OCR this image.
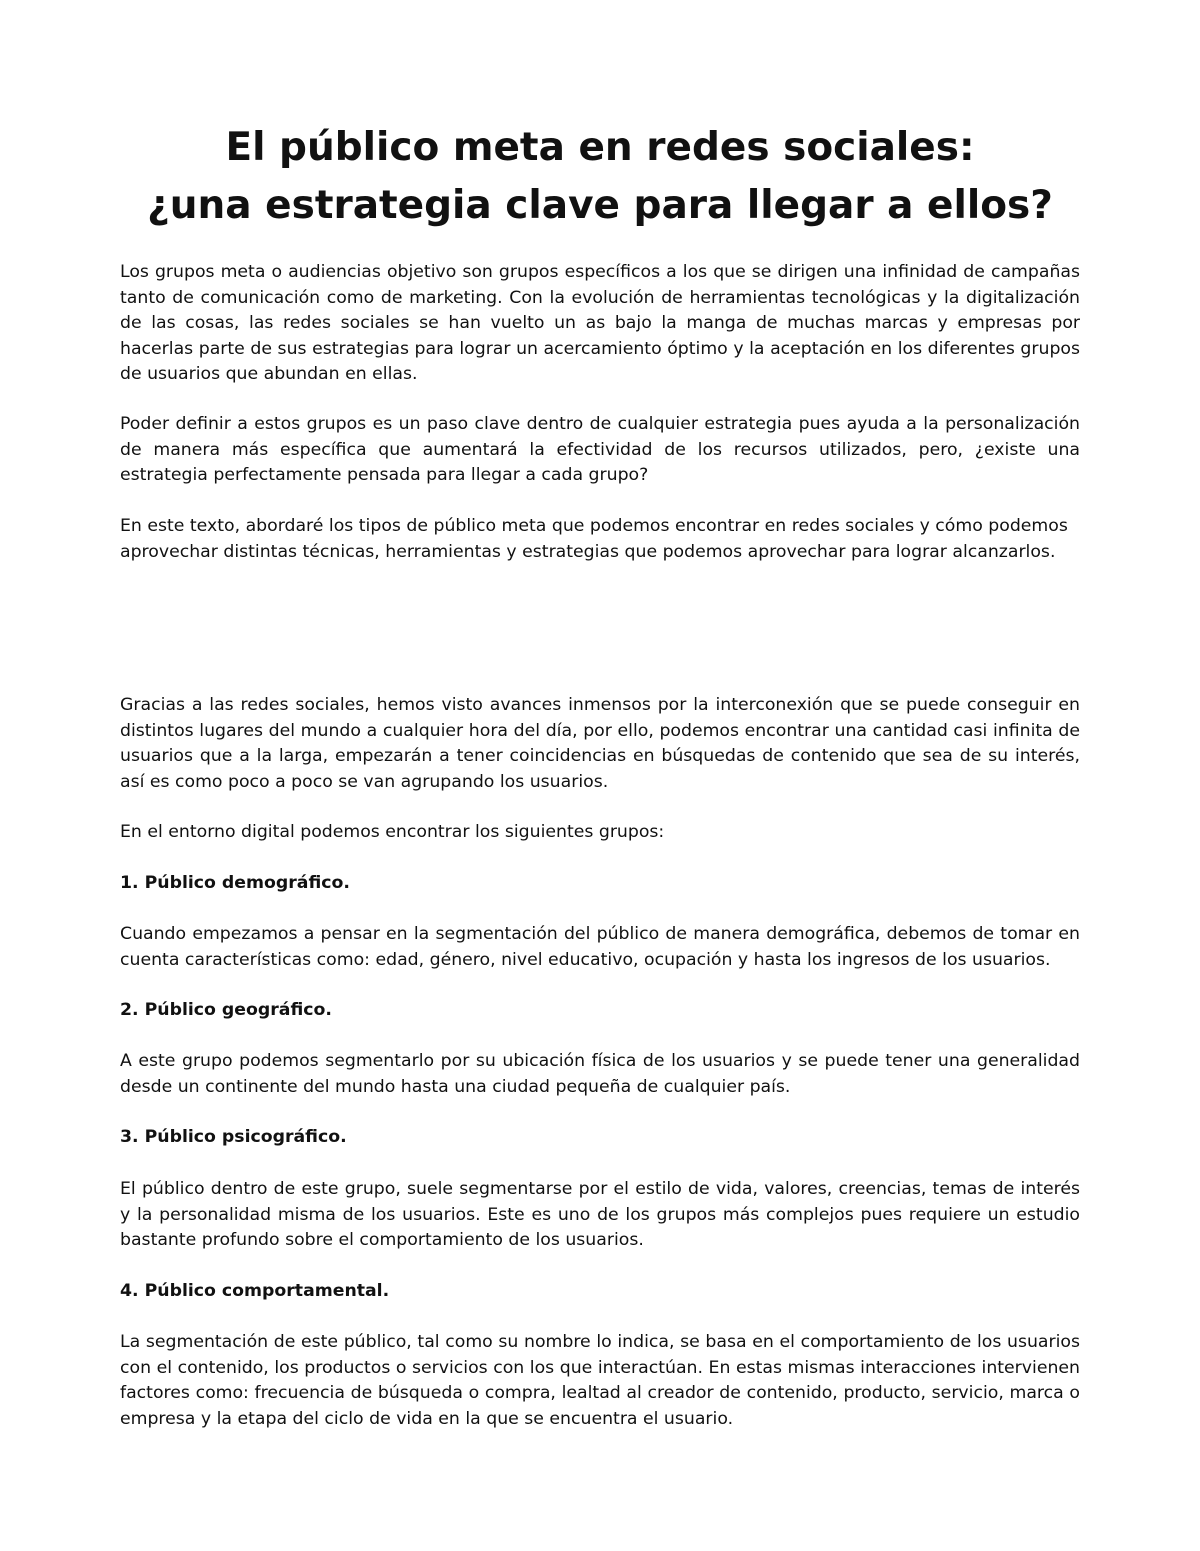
El público meta en redes sociales:
¿una estrategia clave para llegar a ellos?

Los grupos meta o audiencias objetivo son grupos específicos a los que se dirigen una infinidad de campañas tanto de comunicación como de marketing. Con la evolución de herramientas tecnológicas y la digitalización de las cosas, las redes sociales se han vuelto un as bajo la manga de muchas marcas y empresas por hacerlas parte de sus estrategias para lograr un acercamiento óptimo y la aceptación en los diferentes grupos de usuarios que abundan en ellas.

Poder definir a estos grupos es un paso clave dentro de cualquier estrategia pues ayuda a la personalización de manera más específica que aumentará la efectividad de los recursos utilizados, pero, ¿existe una estrategia perfectamente pensada para llegar a cada grupo?

En este texto, abordaré los tipos de público meta que podemos encontrar en redes sociales y cómo podemos aprovechar distintas técnicas, herramientas y estrategias que podemos aprovechar para lograr alcanzarlos.

Gracias a las redes sociales, hemos visto avances inmensos por la interconexión que se puede conseguir en distintos lugares del mundo a cualquier hora del día, por ello, podemos encontrar una cantidad casi infinita de usuarios que a la larga, empezarán a tener coincidencias en búsquedas de contenido que sea de su interés, así es como poco a poco se van agrupando los usuarios.

En el entorno digital podemos encontrar los siguientes grupos:

1. Público demográfico.

Cuando empezamos a pensar en la segmentación del público de manera demográfica, debemos de tomar en cuenta características como: edad, género, nivel educativo, ocupación y hasta los ingresos de los usuarios.

2. Público geográfico.

A este grupo podemos segmentarlo por su ubicación física de los usuarios y se puede tener una generalidad desde un continente del mundo hasta una ciudad pequeña de cualquier país.

3. Público psicográfico.

El público dentro de este grupo, suele segmentarse por el estilo de vida, valores, creencias, temas de interés y la personalidad misma de los usuarios. Este es uno de los grupos más complejos pues requiere un estudio bastante profundo sobre el comportamiento de los usuarios.

4. Público comportamental.

La segmentación de este público, tal como su nombre lo indica, se basa en el comportamiento de los usuarios con el contenido, los productos o servicios con los que interactúan. En estas mismas interacciones intervienen factores como: frecuencia de búsqueda o compra, lealtad al creador de contenido, producto, servicio, marca o empresa y la etapa del ciclo de vida en la que se encuentra el usuario.
